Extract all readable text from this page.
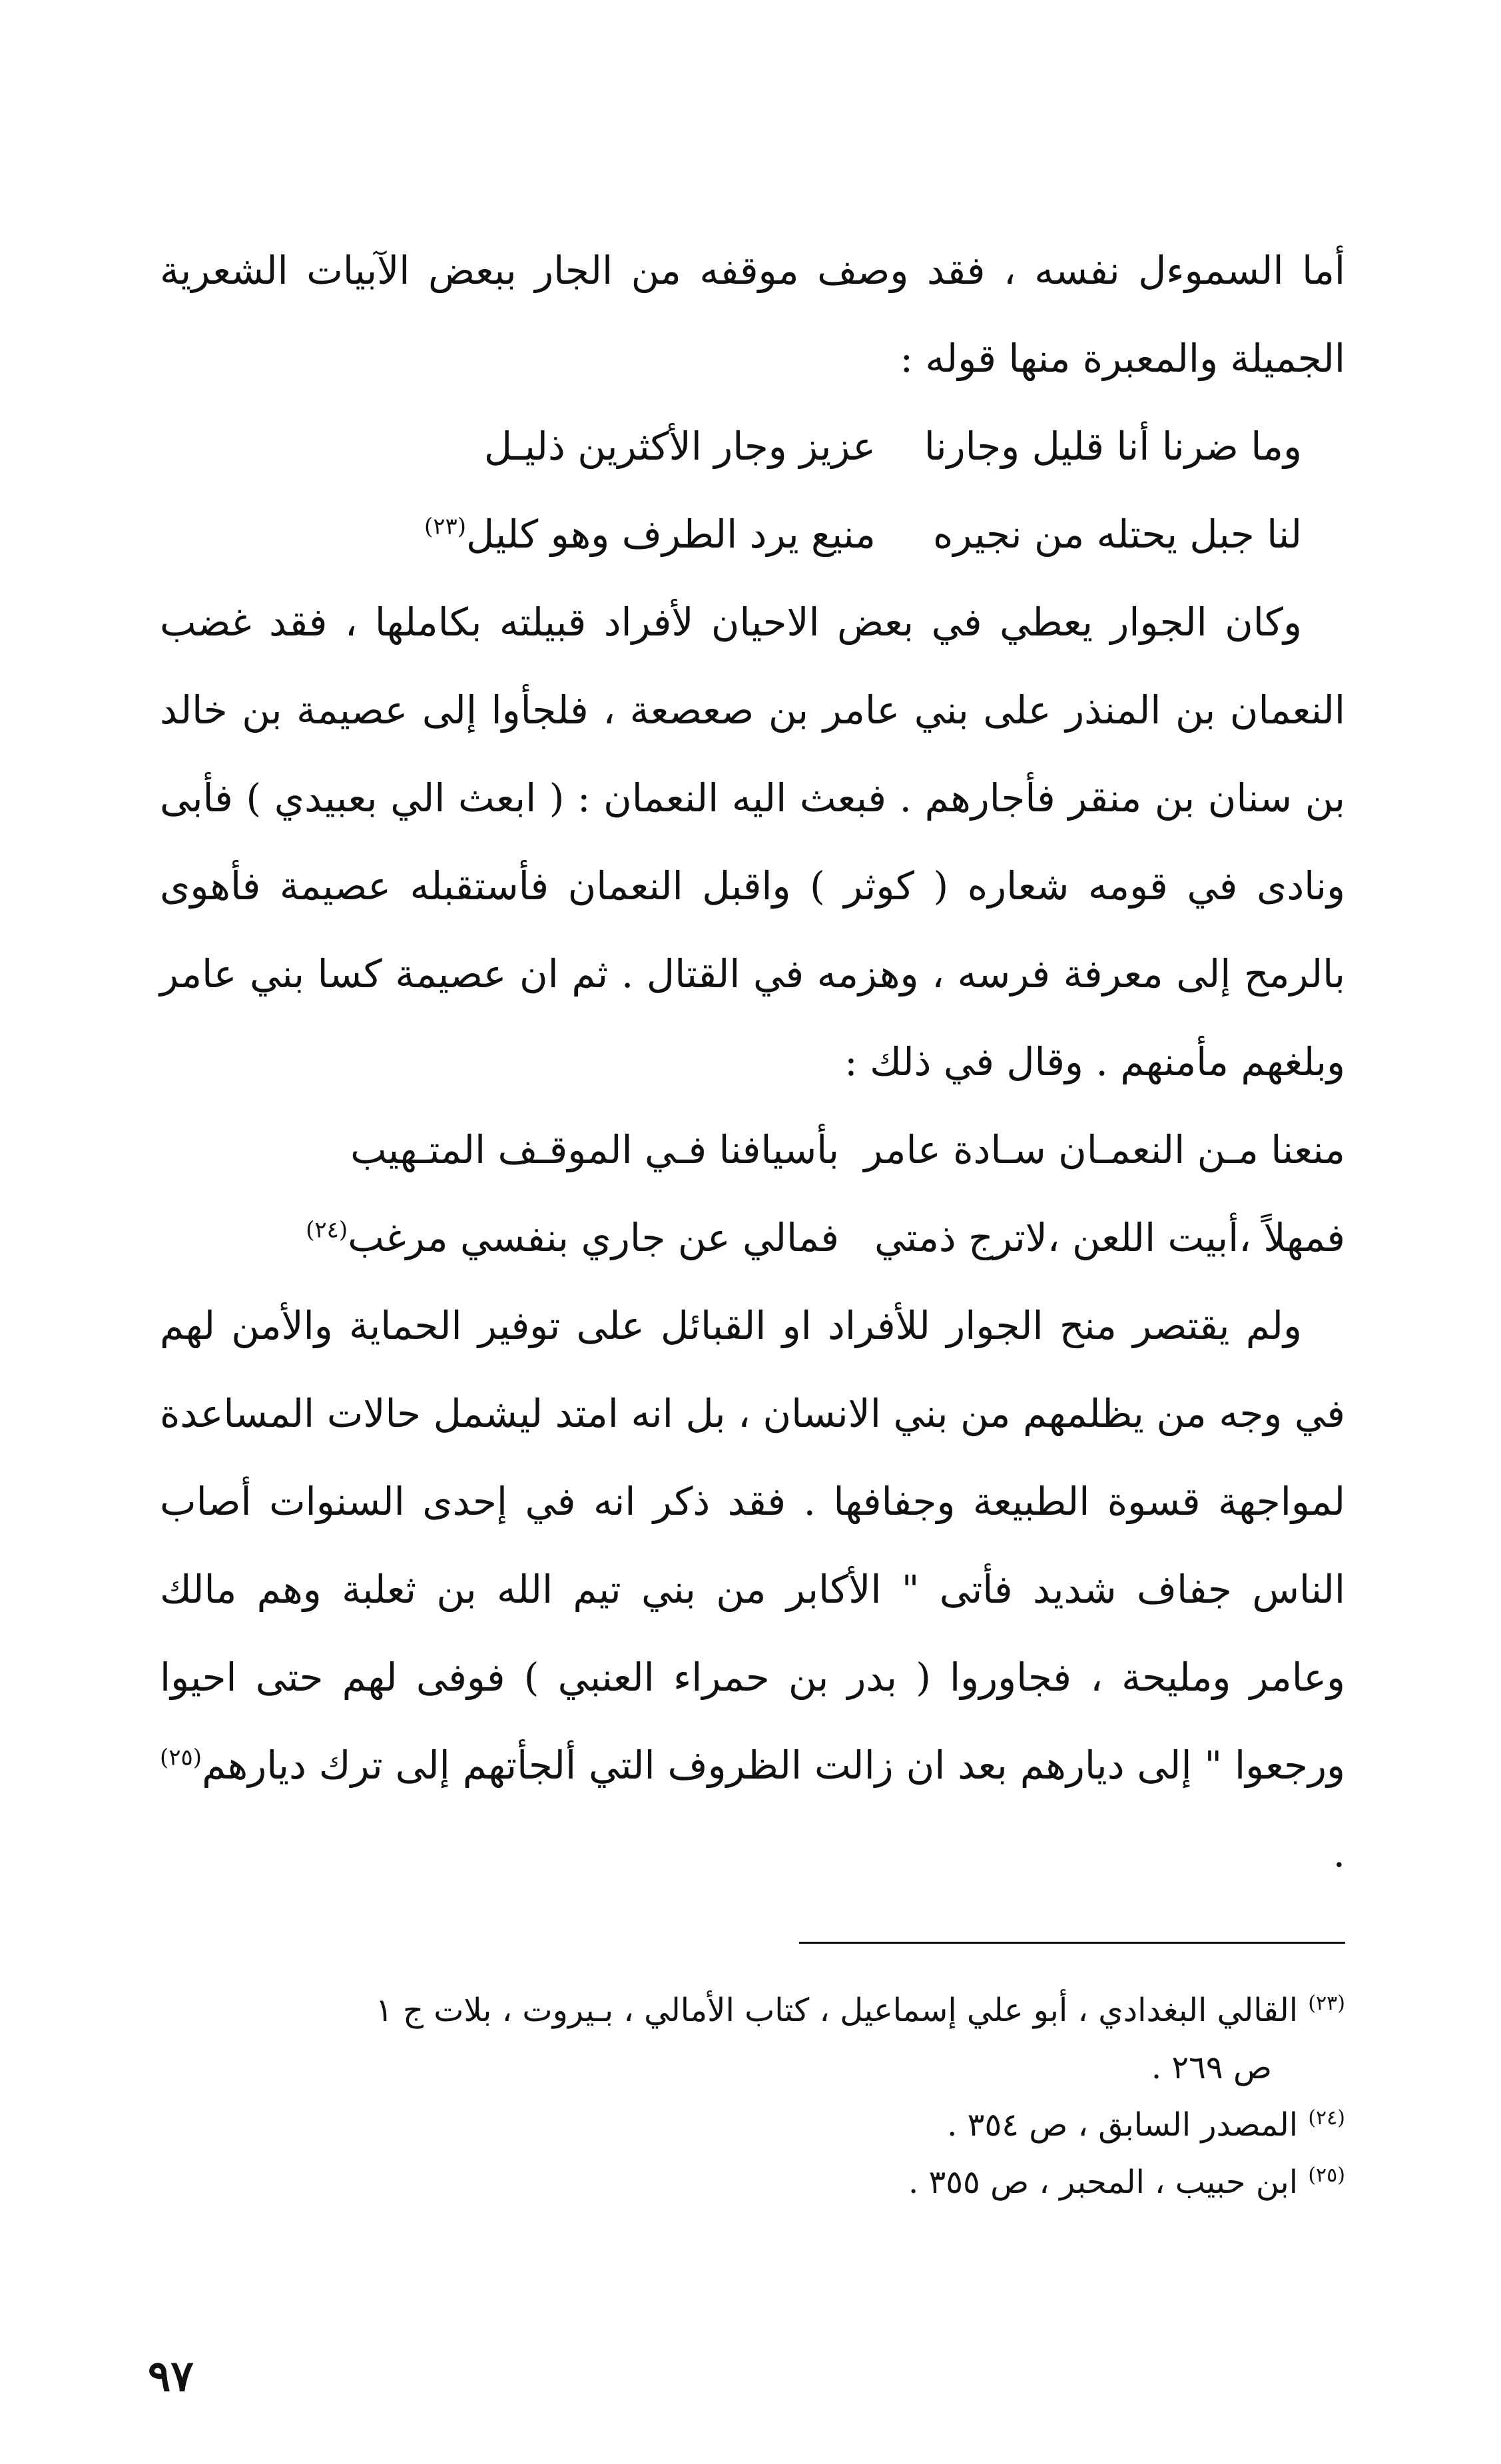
أما السموءل نفسه ، فقد وصف موقفه من الجار ببعض الآبيات الشعرية الجميلة والمعبرة منها قوله :

وما ضرنا أنا قليل وجارنا
عزيز وجار الأكثرين ذليـل
لنا جبل يحتله من نجيره
منيع يرد الطرف وهو كليل$^{(٢٣)}$

وكان الجوار يعطي في بعض الاحيان لأفراد قبيلته بكاملها ، فقد غضب النعمان بن المنذر على بني عامر بن صعصعة ، فلجأوا إلى عصيمة بن خالد بن سنان بن منقر فأجارهم . فبعث اليه النعمان : ( ابعث الي بعبيدي ) فأبى ونادى في قومه شعاره ( كوثر ) واقبل النعمان فأستقبله عصيمة فأهوى بالرمح إلى معرفة فرسه ، وهزمه في القتال . ثم ان عصيمة كسا بني عامر وبلغهم مأمنهم . وقال في ذلك :

منعنا مـن النعمـان سـادة عامر
بأسيافنا فـي الموقـف المتـهيب
فمهلاً ،أبيت اللعن ،لاترج ذمتي
فمالي عن جاري بنفسي مرغب$^{(٢٤)}$

ولم يقتصر منح الجوار للأفراد او القبائل على توفير الحماية والأمن لهم في وجه من يظلمهم من بني الانسان ، بل انه امتد ليشمل حالات المساعدة لمواجهة قسوة الطبيعة وجفافها . فقد ذكر انه في إحدى السنوات أصاب الناس جفاف شديد فأتى " الأكابر من بني تيم الله بن ثعلبة وهم مالك وعامر ومليحة ، فجاوروا ( بدر بن حمراء العنبي ) فوفى لهم حتى احيوا ورجعوا " إلى ديارهم بعد ان زالت الظروف التي ألجأتهم إلى ترك ديارهم$^{(٢٥)}$ .

$^{(٢٣)}$ القالي البغدادي ، أبو علي إسماعيل ، كتاب الأمالي ، بـيروت ، بلات ج ١

ص ٢٦٩ .

$^{(٢٤)}$ المصدر السابق ، ص ٣٥٤ .

$^{(٢٥)}$ ابن حبيب ، المحبر ، ص ٣٥٥ .

٩٧
